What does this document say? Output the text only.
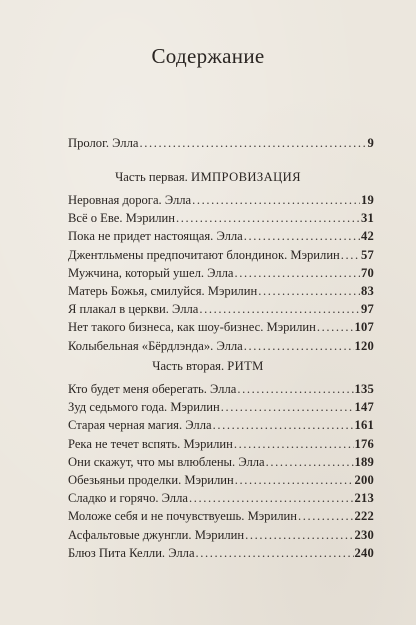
Содержание
Пролог. Элла .....	9
Часть первая. ИМПРОВИЗАЦИЯ
Неровная дорога. Элла .....	19
Всё о Еве. Мэрилин .....	31
Пока не придет настоящая. Элла .....	42
Джентльмены предпочитают блондинок. Мэрилин ..... 57
Мужчина, который ушел. Элла .....	70
Матерь Божья, смилуйся. Мэрилин .....	83
Я плакал в церкви. Элла .....	97
Нет такого бизнеса, как шоу-бизнес. Мэрилин .....	107
Колыбельная «Бёрдлэнда». Элла .....	120
Часть вторая. РИТМ
Кто будет меня оберегать. Элла .....	135
Зуд седьмого года. Мэрилин .....	147
Старая черная магия. Элла .....	161
Река не течет вспять. Мэрилин .....	176
Они скажут, что мы влюблены. Элла .....	189
Обезьяньи проделки. Мэрилин .....	200
Сладко и горячо. Элла .....	213
Моложе себя и не почувствуешь. Мэрилин .....	222
Асфальтовые джунгли. Мэрилин .....	230
Блюз Пита Келли. Элла .....	240
